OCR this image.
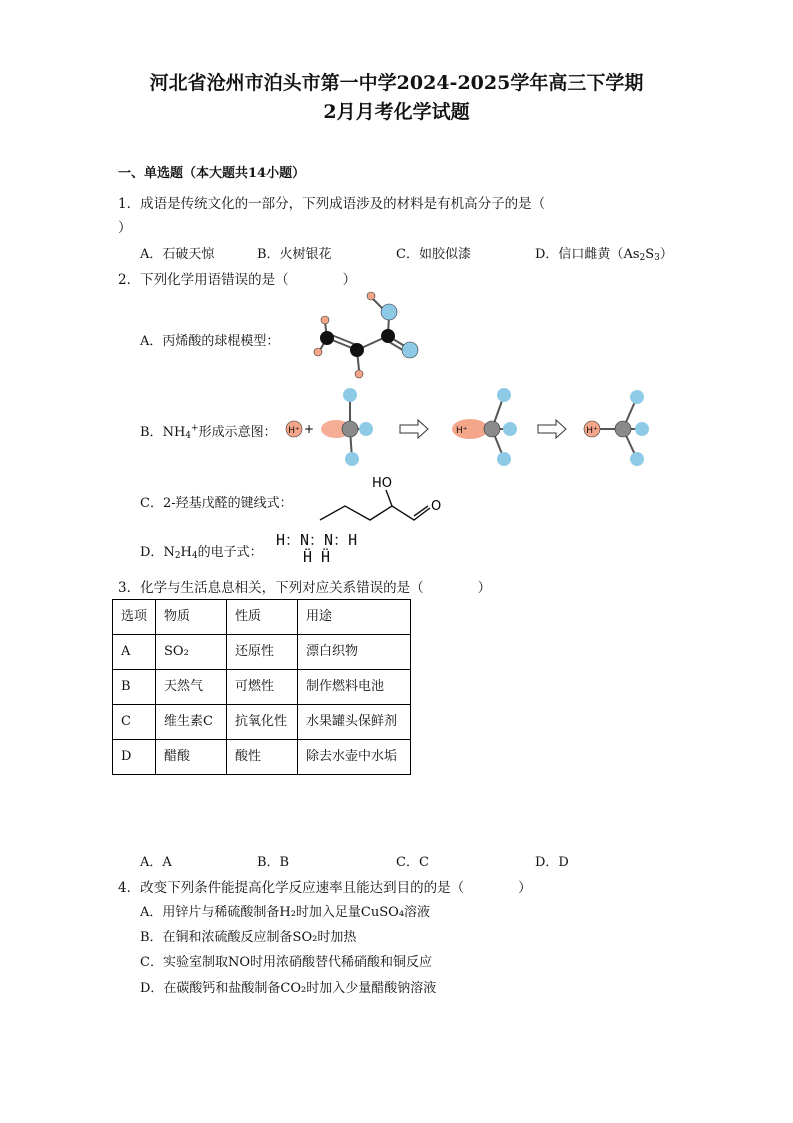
河北省沧州市泊头市第一中学2024-2025学年高三下学期
2月月考化学试题
一、单选题（本大题共14小题）
1．成语是传统文化的一部分，下列成语涉及的材料是有机高分子的是（
）
A．石破天惊	B．火树银花	C．如胶似漆	D．信口雌黄$(As_2S_3)$
2．下列化学用语错误的是（　　　　）
A．丙烯酸的球棍模型：
B．$NH_4^+$形成示意图： H⁺ +	H⁺	H⁺
C．2-羟基戊醛的键线式：
HO
O
D．$N_2H_4$的电子式：
H：N：N：H
Ḧ Ḧ
3．化学与生活息息相关，下列对应关系错误的是（　　　　）
选项	物质	性质	用途
A	SO₂	还原性	漂白织物
B	天然气	可燃性	制作燃料电池
C	维生素C	抗氧化性	水果罐头保鲜剂
D	醋酸	酸性	除去水壶中水垢
A．A	B．B	C．C	D．D
4．改变下列条件能提高化学反应速率且能达到目的的是（　　　　）
A．用锌片与稀硫酸制备H₂时加入足量CuSO₄溶液
B．在铜和浓硫酸反应制备SO₂时加热
C．实验室制取NO时用浓硝酸替代稀硝酸和铜反应
D．在碳酸钙和盐酸制备CO₂时加入少量醋酸钠溶液
